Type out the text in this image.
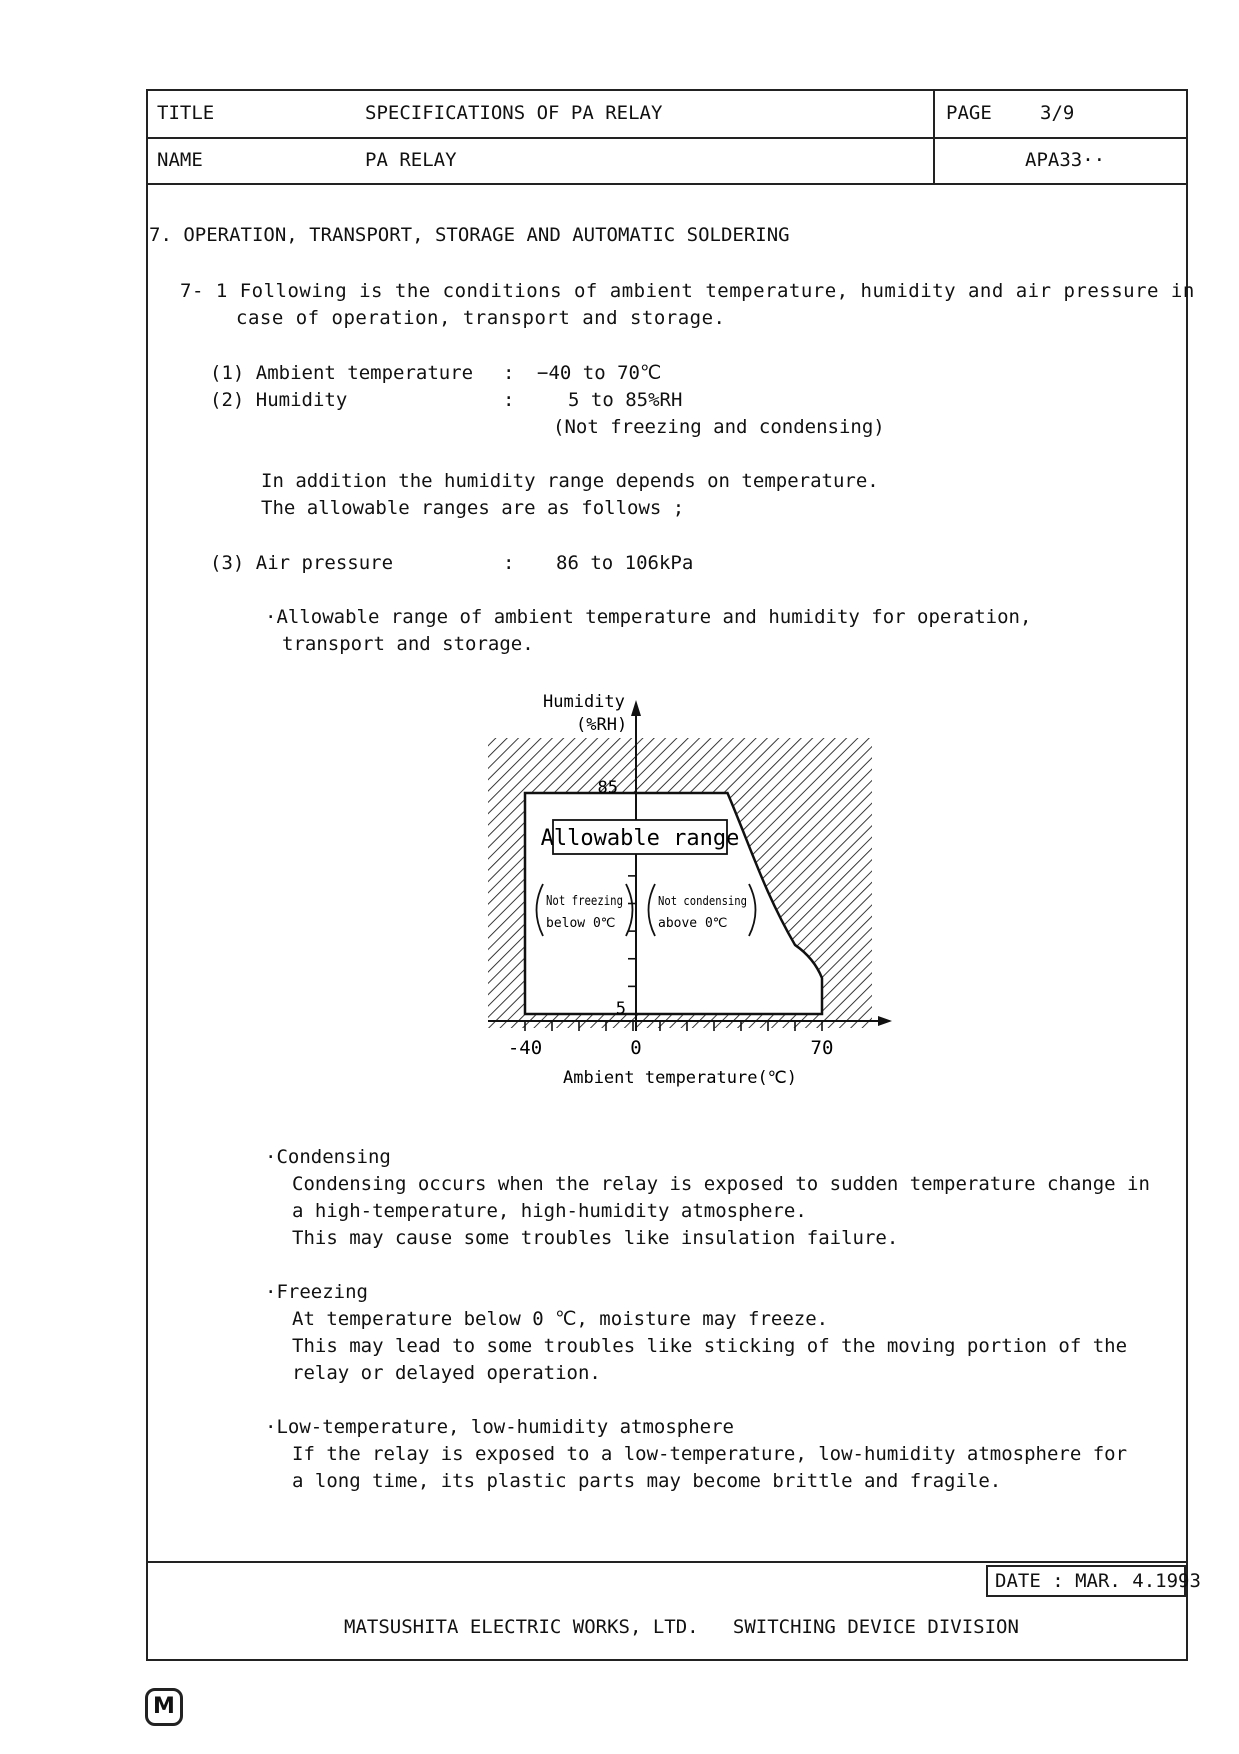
TITLE	SPECIFICATIONS OF PA RELAY	PAGE	3/9
NAME	PA RELAY	APA33··
7. OPERATION, TRANSPORT, STORAGE AND AUTOMATIC SOLDERING
7- 1 Following is the conditions of ambient temperature, humidity and air pressure in
case of operation, transport and storage.
(1) Ambient temperature : −40 to 70℃
(2) Humidity	:	5 to 85%RH
(Not freezing and condensing)
In addition the humidity range depends on temperature.
The allowable ranges are as follows ;
(3) Air pressure	: 86 to 106kPa
·Allowable range of ambient temperature and humidity for operation,
transport and storage.
Allowable range
Not freezing
below 0℃
Not condensing
above 0℃
Humidity
(%RH)
85
5
-40	0	70
Ambient temperature(℃)
·Condensing
Condensing occurs when the relay is exposed to sudden temperature change in
a high-temperature, high-humidity atmosphere.
This may cause some troubles like insulation failure.
·Freezing
At temperature below 0 ℃, moisture may freeze.
This may lead to some troubles like sticking of the moving portion of the
relay or delayed operation.
·Low-temperature, low-humidity atmosphere
If the relay is exposed to a low-temperature, low-humidity atmosphere for
a long time, its plastic parts may become brittle and fragile.
DATE : MAR. 4.1993
MATSUSHITA ELECTRIC WORKS, LTD.   SWITCHING DEVICE DIVISION
M
